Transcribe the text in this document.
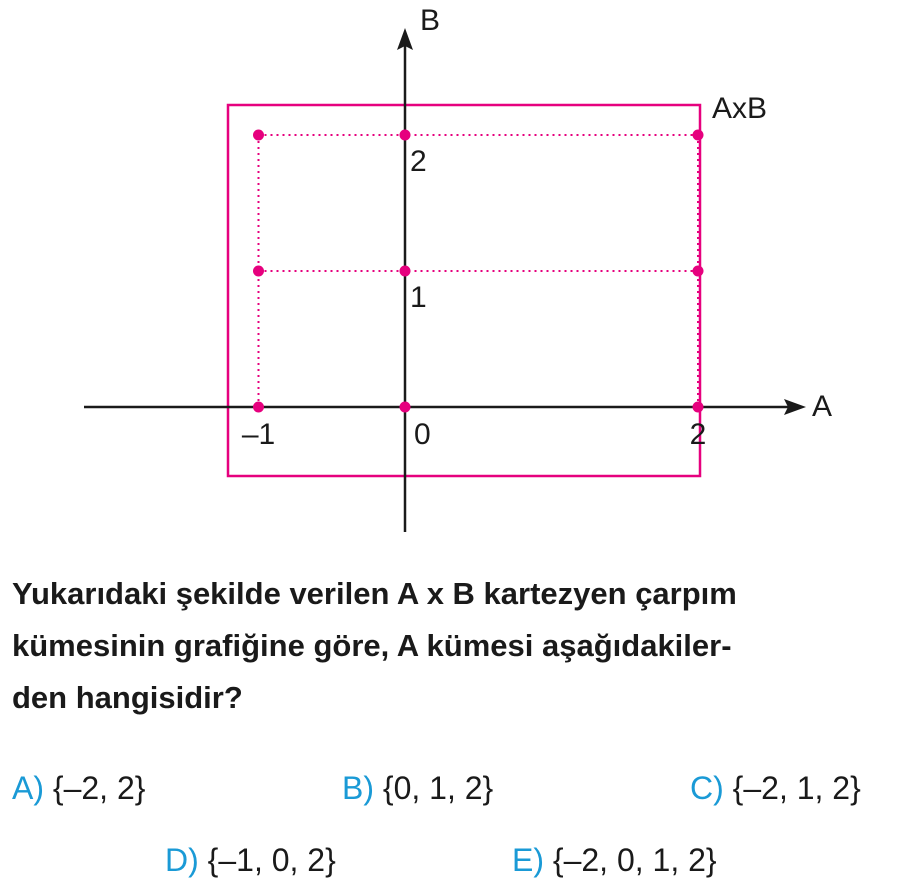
B
A
AxB
0
–1	2
1
2
Yukarıdaki şekilde verilen A x B kartezyen çarpım
kümesinin grafiğine göre, A kümesi aşağıdakiler-
den hangisidir?
A) {–2, 2}	B) {0, 1, 2}	C) {–2, 1, 2}
D) {–1, 0, 2}	E) {–2, 0, 1, 2}
